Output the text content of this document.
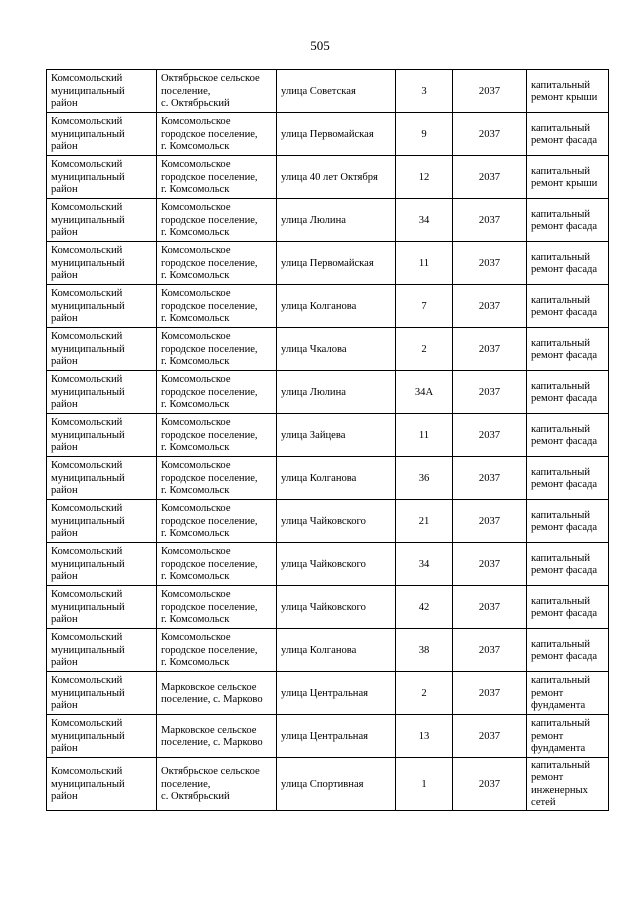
505
Комсомольский
муниципальный
район	Октябрьское сельское
поселение,
с. Октябрьский	улица Советская	3	2037	капитальный
ремонт крыши

Комсомольский
муниципальный
район	Комсомольское
городское поселение,
г. Комсомольск	улица Первомайская	9	2037	капитальный
ремонт фасада

Комсомольский
муниципальный
район	Комсомольское
городское поселение,
г. Комсомольск	улица 40 лет Октября	12	2037	капитальный
ремонт крыши

Комсомольский
муниципальный
район	Комсомольское
городское поселение,
г. Комсомольск	улица Люлина	34	2037	капитальный
ремонт фасада

Комсомольский
муниципальный
район	Комсомольское
городское поселение,
г. Комсомольск	улица Первомайская	11	2037	капитальный
ремонт фасада

Комсомольский
муниципальный
район	Комсомольское
городское поселение,
г. Комсомольск	улица Колганова	7	2037	капитальный
ремонт фасада

Комсомольский
муниципальный
район	Комсомольское
городское поселение,
г. Комсомольск	улица Чкалова	2	2037	капитальный
ремонт фасада

Комсомольский
муниципальный
район	Комсомольское
городское поселение,
г. Комсомольск	улица Люлина	34А	2037	капитальный
ремонт фасада

Комсомольский
муниципальный
район	Комсомольское
городское поселение,
г. Комсомольск	улица Зайцева	11	2037	капитальный
ремонт фасада

Комсомольский
муниципальный
район	Комсомольское
городское поселение,
г. Комсомольск	улица Колганова	36	2037	капитальный
ремонт фасада

Комсомольский
муниципальный
район	Комсомольское
городское поселение,
г. Комсомольск	улица Чайковского	21	2037	капитальный
ремонт фасада

Комсомольский
муниципальный
район	Комсомольское
городское поселение,
г. Комсомольск	улица Чайковского	34	2037	капитальный
ремонт фасада

Комсомольский
муниципальный
район	Комсомольское
городское поселение,
г. Комсомольск	улица Чайковского	42	2037	капитальный
ремонт фасада

Комсомольский
муниципальный
район	Комсомольское
городское поселение,
г. Комсомольск	улица Колганова	38	2037	капитальный
ремонт фасада

Комсомольский
муниципальный
район	Марковское сельское
поселение, с. Марково	улица Центральная	2	2037	капитальный
ремонт
фундамента

Комсомольский
муниципальный
район	Марковское сельское
поселение, с. Марково	улица Центральная	13	2037	капитальный
ремонт
фундамента

Комсомольский
муниципальный
район	Октябрьское сельское
поселение,
с. Октябрьский	улица Спортивная	1	2037	капитальный
ремонт
инженерных
сетей
